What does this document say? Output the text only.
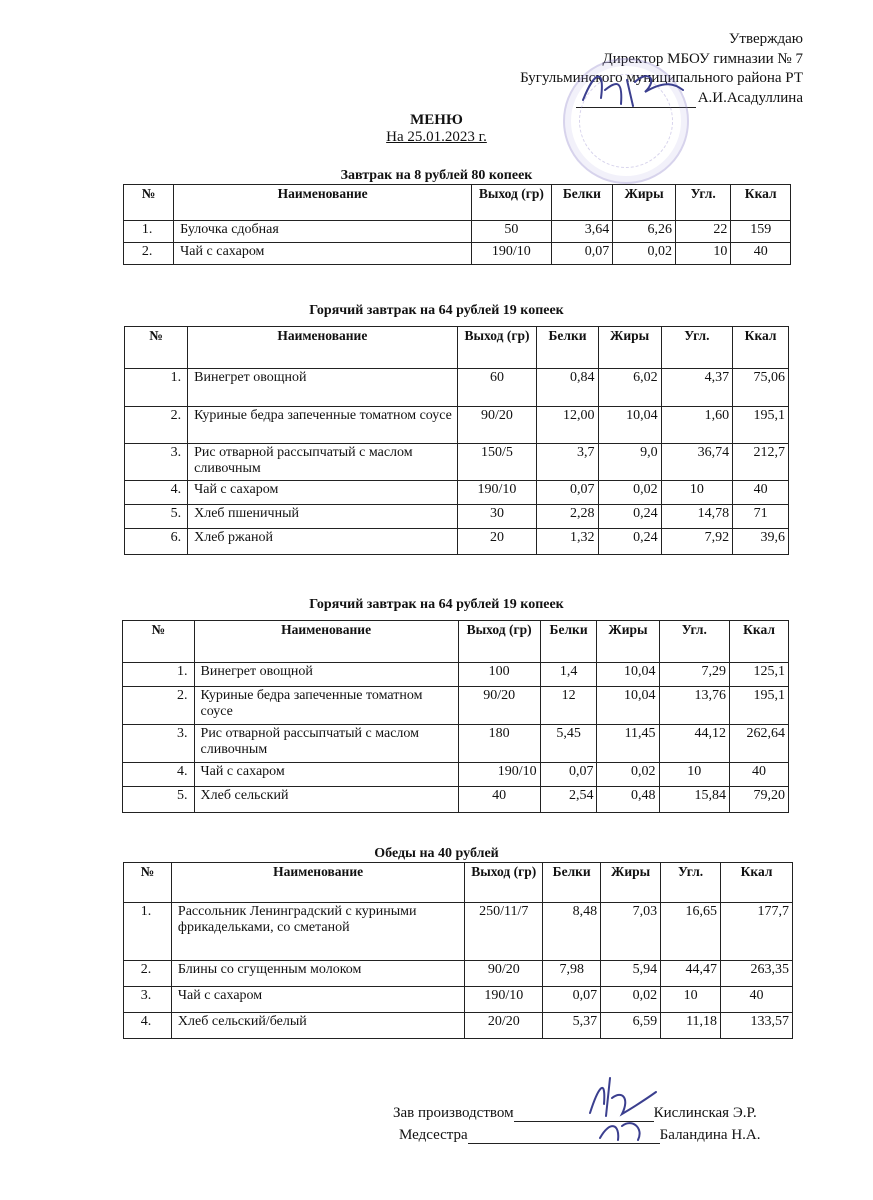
Утверждаю
Директор МБОУ гимназии № 7
Бугульминского муниципального района РТ
А.И.Асадуллина
МЕНЮ
На 25.01.2023 г.
Завтрак на 8 рублей 80 копеек
№	Наименование	Выход (гр)	Белки	Жиры	Угл.	Ккал
1.	Булочка сдобная	50	3,64	6,26	22	159
2.	Чай с сахаром	190/10	0,07	0,02	10	40
Горячий завтрак на 64 рублей 19 копеек
№	Наименование	Выход (гр)	Белки	Жиры	Угл.	Ккал
1.	Винегрет овощной	60	0,84	6,02	4,37	75,06
2.	Куриные бедра запеченные томатном соусе	90/20	12,00	10,04	1,60	195,1
3.	Рис отварной рассыпчатый с маслом сливочным	150/5	3,7	9,0	36,74	212,7
4.	Чай с сахаром	190/10	0,07	0,02	10	40
5.	Хлеб пшеничный	30	2,28	0,24	14,78	71
6.	Хлеб ржаной	20	1,32	0,24	7,92	39,6
Горячий завтрак на 64 рублей 19 копеек
№	Наименование	Выход (гр)	Белки	Жиры	Угл.	Ккал
1.	Винегрет овощной	100	1,4	10,04	7,29	125,1
2.	Куриные бедра запеченные томатном соусе	90/20	12	10,04	13,76	195,1
3.	Рис отварной рассыпчатый с маслом сливочным	180	5,45	11,45	44,12	262,64
4.	Чай с сахаром	190/10	0,07	0,02	10	40
5.	Хлеб сельский	40	2,54	0,48	15,84	79,20
Обеды на 40 рублей
№	Наименование	Выход (гр)	Белки	Жиры	Угл.	Ккал
1.	Рассольник Ленинградский с куриными фрикадельками, со сметаной	250/11/7	8,48	7,03	16,65	177,7
2.	Блины со сгущенным молоком	90/20	7,98	5,94	44,47	263,35
3.	Чай с сахаром	190/10	0,07	0,02	10	40
4.	Хлеб сельский/белый	20/20	5,37	6,59	11,18	133,57
Зав производством	Кислинская Э.Р.
Медсестра	Баландина Н.А.
